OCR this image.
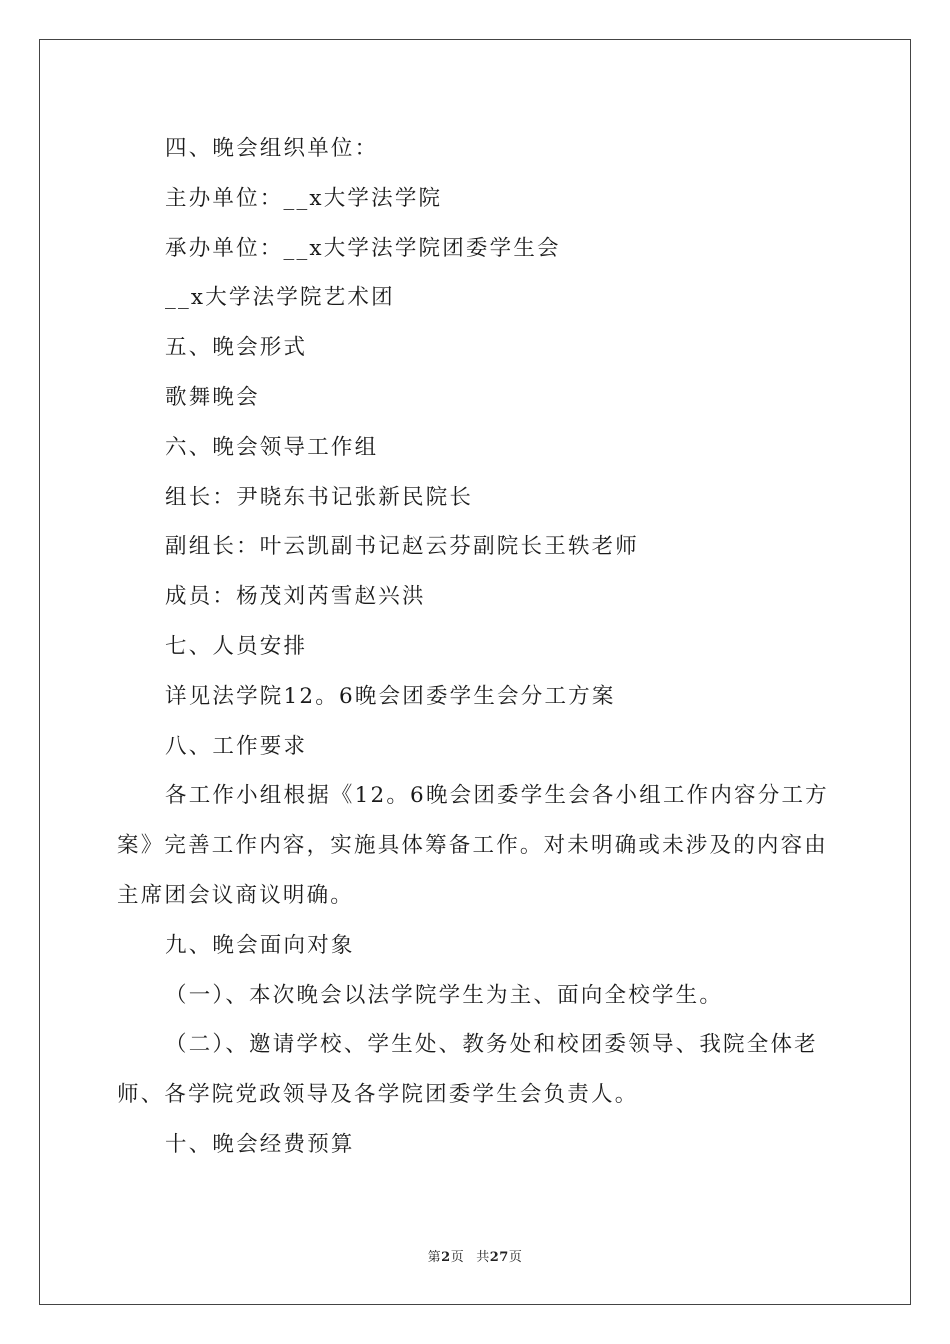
四、晚会组织单位：

主办单位：__x大学法学院

承办单位：__x大学法学院团委学生会

__x大学法学院艺术团

五、晚会形式

歌舞晚会

六、晚会领导工作组

组长：尹晓东书记张新民院长

副组长：叶云凯副书记赵云芬副院长王轶老师

成员：杨茂刘芮雪赵兴洪

七、人员安排

详见法学院12。6晚会团委学生会分工方案

八、工作要求

各工作小组根据《12。6晚会团委学生会各小组工作内容分工方案》完善工作内容，实施具体筹备工作。对未明确或未涉及的内容由主席团会议商议明确。

九、晚会面向对象

（一）、本次晚会以法学院学生为主、面向全校学生。

（二）、邀请学校、学生处、教务处和校团委领导、我院全体老师、各学院党政领导及各学院团委学生会负责人。

十、晚会经费预算

第2页 共27页
